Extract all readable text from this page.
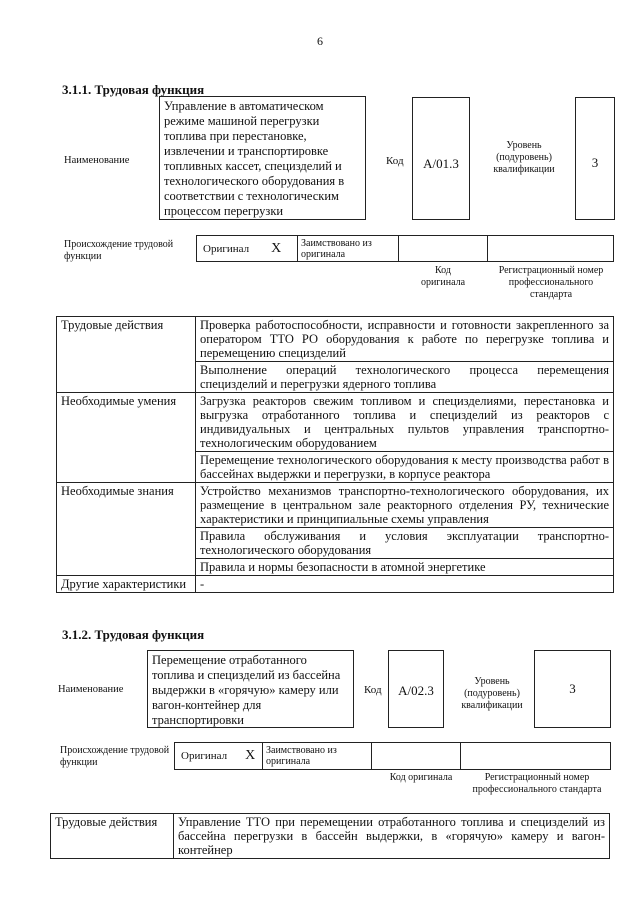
6
3.1.1. Трудовая функция
Наименование
Управление в автоматическом режиме машиной перегрузки топлива при перестановке, извлечении и транспортировке топливных кассет, специзделий и технологического оборудования в соответствии с технологическим процессом перегрузки
Код	A/01.3
Уровень (подуровень) квалификации	3
Происхождение трудовой функции
Оригинал X	Заимствовано из оригинала
Код оригинала
Регистрационный номер профессионального стандарта
Трудовые действия	Проверка работоспособности, исправности и готовности закрепленного за оператором ТТО РО оборудования к работе по перегрузке топлива и перемещению специзделий
	Выполнение операций технологического процесса перемещения специзделий и перегрузки ядерного топлива
Необходимые умения	Загрузка реакторов свежим топливом и специзделиями, перестановка и выгрузка отработанного топлива и специзделий из реакторов с индивидуальных и центральных пультов управления транспортно-технологическим оборудованием
	Перемещение технологического оборудования к месту производства работ в бассейнах выдержки и перегрузки, в корпусе реактора
Необходимые знания	Устройство механизмов транспортно-технологического оборудования, их размещение в центральном зале реакторного отделения РУ, технические характеристики и принципиальные схемы управления
	Правила обслуживания и условия эксплуатации транспортно-технологического оборудования
	Правила и нормы безопасности в атомной энергетике
Другие характеристики	-
3.1.2. Трудовая функция
Наименование
Перемещение отработанного топлива и специзделий из бассейна выдержки в «горячую» камеру или вагон-контейнер для транспортировки
Код	A/02.3
Уровень (подуровень) квалификации
3
Происхождение трудовой функции
Оригинал X	Заимствовано из оригинала
Код оригинала	Регистрационный номер профессионального стандарта
Трудовые действия	Управление ТТО при перемещении отработанного топлива и специзделий из бассейна перегрузки в бассейн выдержки, в «горячую» камеру и вагон-контейнер
